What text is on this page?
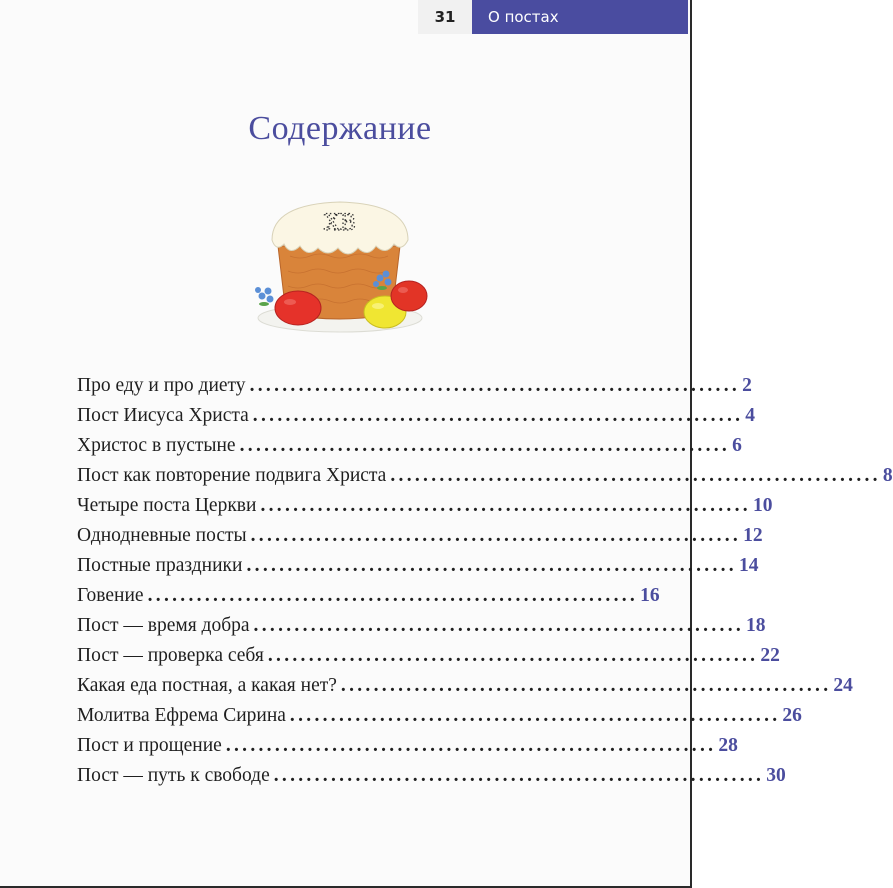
31	О постах
Содержание
ХВ
Про еду и про диету ............................................................ 2
Пост Иисуса Христа ............................................................ 4
Христос в пустыне ............................................................ 6
Пост как повторение подвига Христа ............................................................ 8
Четыре поста Церкви ............................................................ 10
Однодневные посты ............................................................ 12
Постные праздники ............................................................ 14
Говение ............................................................ 16
Пост — время добра ............................................................ 18
Пост — проверка себя ............................................................ 22
Какая еда постная, а какая нет? ............................................................ 24
Молитва Ефрема Сирина ............................................................ 26
Пост и прощение ............................................................ 28
Пост — путь к свободе ............................................................ 30
